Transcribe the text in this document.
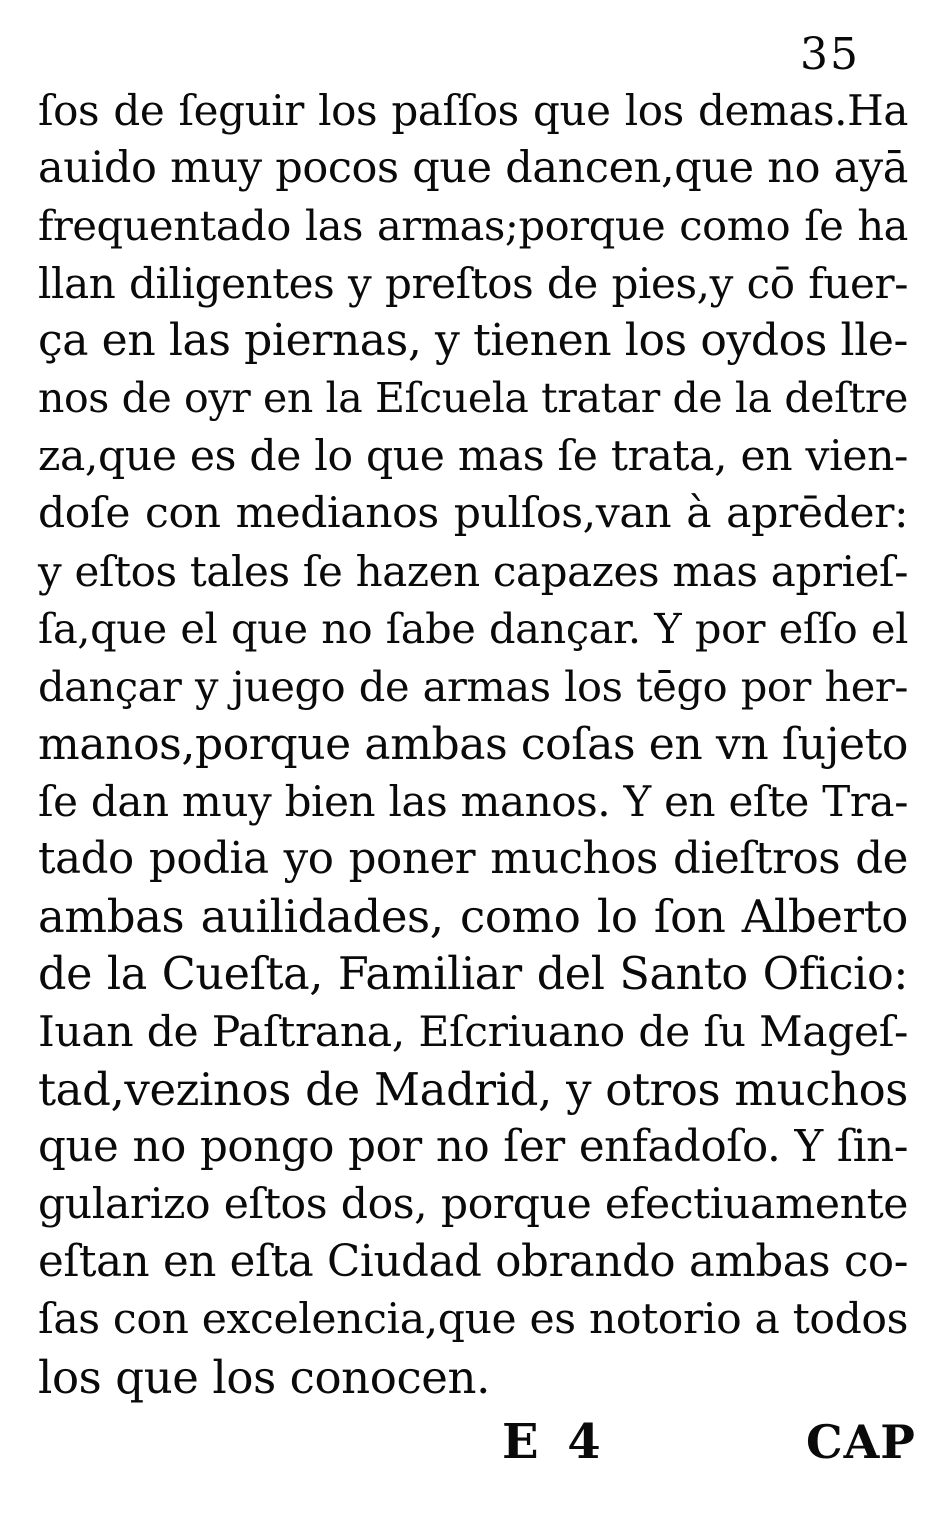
35
ſos de ſeguir los paſſos que los demas.Ha
auido muy pocos que dancen,que no ayā
frequentado las armas;porque como ſe ha
llan diligentes y preſtos de pies,y cō fuer-
ça en las piernas, y tienen los oydos lle-
nos de oyr en la Eſcuela tratar de la deſtre
za,que es de lo que mas ſe trata, en vien-
doſe con medianos pulſos,van à aprēder:
y eſtos tales ſe hazen capazes mas aprieſ-
ſa,que el que no ſabe dançar. Y por eſſo el
dançar y juego de armas los tēgo por her-
manos,porque ambas coſas en vn ſujeto
ſe dan muy bien las manos. Y en eſte Tra-
tado podia yo poner muchos dieſtros de
ambas auilidades, como lo ſon Alberto
de la Cueſta, Familiar del Santo Oficio:
Iuan de Paſtrana, Eſcriuano de ſu Mageſ-
tad,vezinos de Madrid, y otros muchos
que no pongo por no ſer enfadoſo. Y ſin-
gularizo eſtos dos, porque efectiuamente
eſtan en eſta Ciudad obrando ambas co-
ſas con excelencia,que es notorio a todos
los que los conocen.
E 4	CAP
